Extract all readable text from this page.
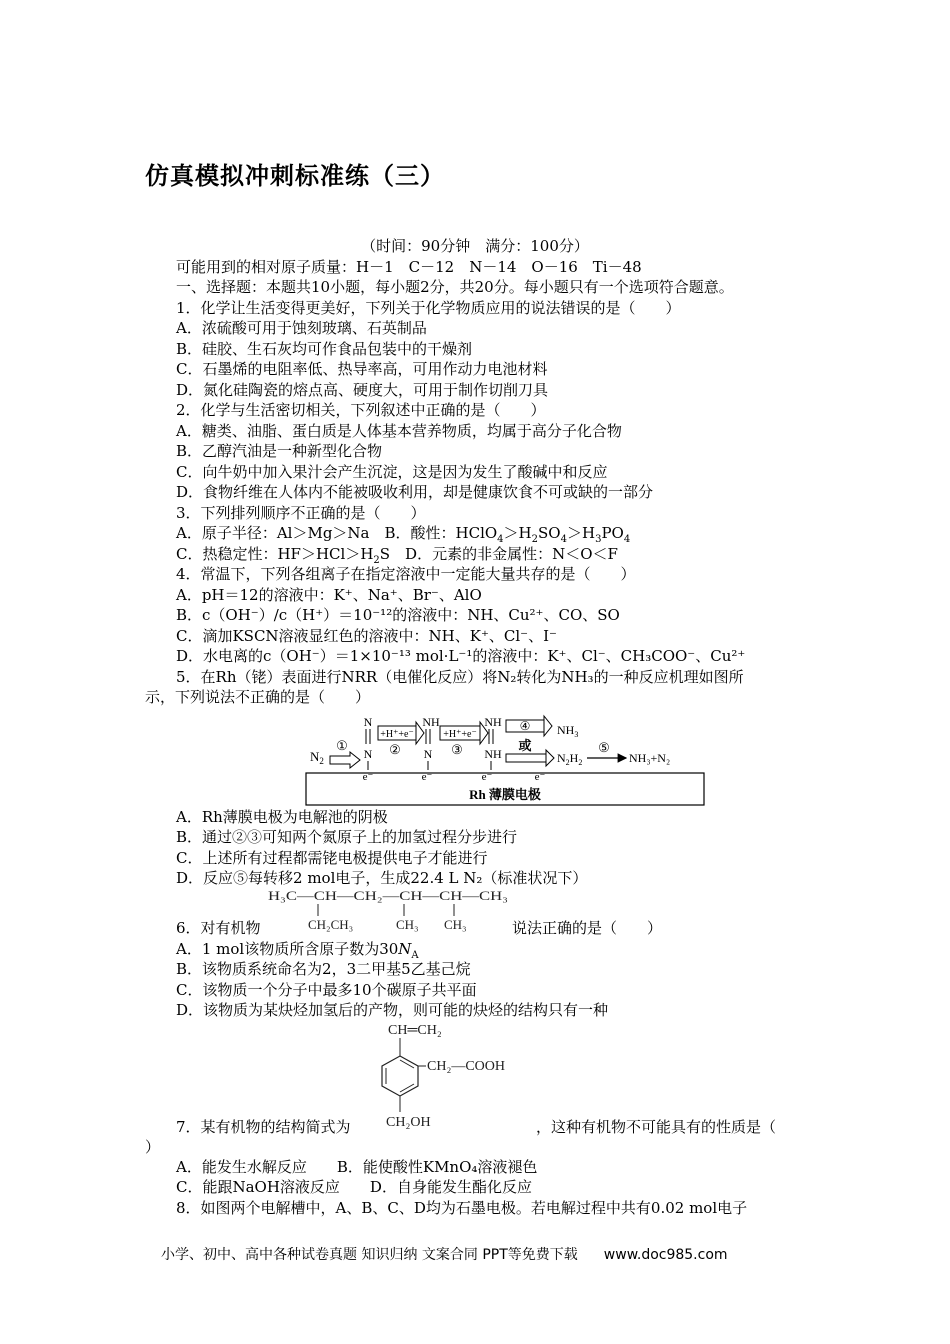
仿真模拟冲刺标准练（三）
（时间：90分钟　满分：100分）
可能用到的相对原子质量：H－1　C－12　N－14　O－16　Ti－48
一、选择题：本题共10小题，每小题2分，共20分。每小题只有一个选项符合题意。
1．化学让生活变得更美好，下列关于化学物质应用的说法错误的是（　　）
A．浓硫酸可用于蚀刻玻璃、石英制品
B．硅胶、生石灰均可作食品包装中的干燥剂
C．石墨烯的电阻率低、热导率高，可用作动力电池材料
D．氮化硅陶瓷的熔点高、硬度大，可用于制作切削刀具
2．化学与生活密切相关，下列叙述中正确的是（　　）
A．糖类、油脂、蛋白质是人体基本营养物质，均属于高分子化合物
B．乙醇汽油是一种新型化合物
C．向牛奶中加入果汁会产生沉淀，这是因为发生了酸碱中和反应
D．食物纤维在人体内不能被吸收利用，却是健康饮食不可或缺的一部分
3．下列排列顺序不正确的是（　　）
A．原子半径：Al＞Mg＞Na　B．酸性：$HClO_4>H_2SO_4>H_3PO_4$
C．热稳定性：$HF>HCl>H_2S$　D．元素的非金属性：N＜O＜F
4．常温下，下列各组离子在指定溶液中一定能大量共存的是（　　）
A．pH＝12的溶液中：K⁺、Na⁺、Br⁻、AlO
B．c（OH⁻）/c（H⁺）＝10⁻¹²的溶液中：NH、Cu²⁺、CO、SO
C．滴加KSCN溶液显红色的溶液中：NH、K⁺、Cl⁻、I⁻
D．水电离的c（OH⁻）＝1×10⁻¹³ mol·L⁻¹的溶液中：K⁺、Cl⁻、CH₃COO⁻、Cu²⁺
5．在Rh（铑）表面进行NRR（电催化反应）将N₂转化为NH₃的一种反应机理如图所
示，下列说法不正确的是（　　）
Rh 薄膜电极
e⁻	e⁻	e⁻	e⁻
$N_2$
①
N
N
+H⁺+e⁻
②
NH
N
+H⁺+e⁻
③
NH
NH
④ $NH_3$
或
$N_2H_2$
⑤
NH₃+N₂
A．Rh薄膜电极为电解池的阴极
B．通过②③可知两个氮原子上的加氢过程分步进行
C．上述所有过程都需铑电极提供电子才能进行
D．反应⑤每转移2 mol电子，生成22.4 L N₂（标准状况下）
H₃C—CH—CH₂—CH—CH—CH₃
CH₂CH₃	CH₃ CH₃
6．对有机物	说法正确的是（　　）
A．1 mol该物质所含原子数为$30N_A$
B．该物质系统命名为2，3二甲基5乙基己烷
C．该物质一个分子中最多10个碳原子共平面
D．该物质为某炔烃加氢后的产物，则可能的炔烃的结构只有一种
CH═CH₂
CH₂—COOH
CH₂OH
7．某有机物的结构简式为	，这种有机物不可能具有的性质是（
）
A．能发生水解反应　　B．能使酸性KMnO₄溶液褪色
C．能跟NaOH溶液反应　　D．自身能发生酯化反应
8．如图两个电解槽中，A、B、C、D均为石墨电极。若电解过程中共有0.02 mol电子
小学、初中、高中各种试卷真题 知识归纳 文案合同 PPT等免费下载 www.doc985.com
